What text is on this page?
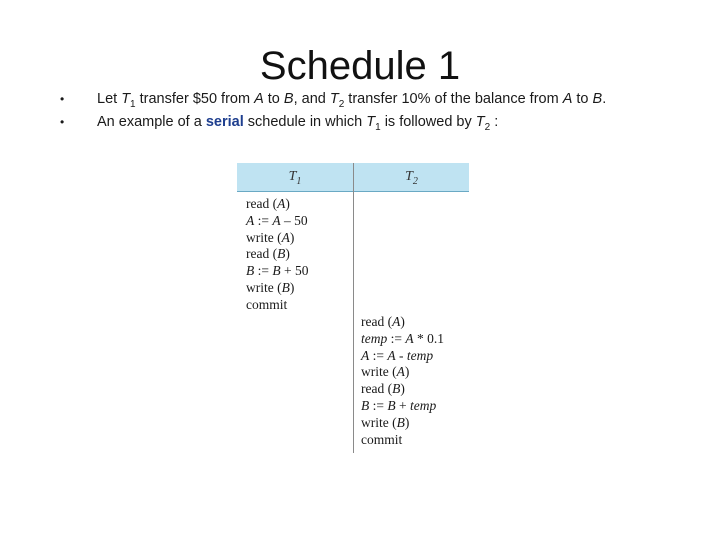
Schedule 1
• Let $T_1$ transfer $50 from A to B, and $T_2$ transfer 10% of the balance from A to B.
• An example of a serial schedule in which $T_1$ is followed by $T_2$ :
$T_1$	$T_2$
read (A)
A := A – 50
write (A)
read (B)
B := B + 50
write (B)
commit
read (A)
temp := A * 0.1
A := A - temp
write (A)
read (B)
B := B + temp
write (B)
commit
